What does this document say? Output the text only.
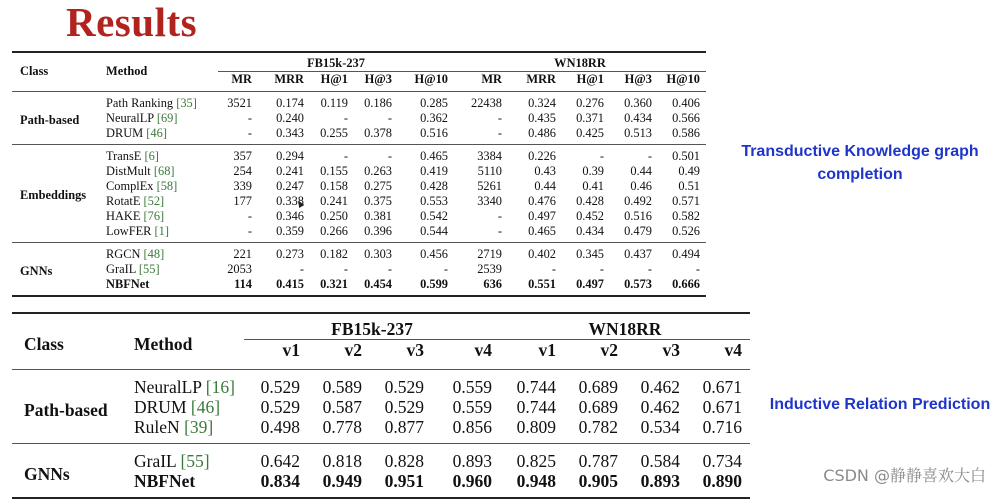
Results
Class	Method	FB15k-237					WN18RR				
		MR	MRR	H@1	H@3	H@10	MR	MRR	H@1	H@3	H@10
Path-based	Path Ranking [35]	3521	0.174	0.119	0.186	0.285	22438	0.324	0.276	0.360	0.406
	NeuralLP [69]	-	0.240	-	-	0.362	-	0.435	0.371	0.434	0.566
	DRUM [46]	-	0.343	0.255	0.378	0.516	-	0.486	0.425	0.513	0.586
Embeddings	TransE [6]	357	0.294	-	-	0.465	3384	0.226	-	-	0.501
	DistMult [68]	254	0.241	0.155	0.263	0.419	5110	0.43	0.39	0.44	0.49
	ComplEx [58]	339	0.247	0.158	0.275	0.428	5261	0.44	0.41	0.46	0.51
	RotatE [52]	177	0.338	0.241	0.375	0.553	3340	0.476	0.428	0.492	0.571
	HAKE [76]	-	0.346	0.250	0.381	0.542	-	0.497	0.452	0.516	0.582
	LowFER [1]	-	0.359	0.266	0.396	0.544	-	0.465	0.434	0.479	0.526
GNNs	RGCN [48]	221	0.273	0.182	0.303	0.456	2719	0.402	0.345	0.437	0.494
	GraIL [55]	2053	-	-	-	-	2539	-	-	-	-
	NBFNet	114	0.415	0.321	0.454	0.599	636	0.551	0.497	0.573	0.666
Transductive Knowledge graph completion
Class	Method	FB15k-237				WN18RR			
		v1	v2	v3	v4	v1	v2	v3	v4
Path-based	NeuralLP [16]	0.529	0.589	0.529	0.559	0.744	0.689	0.462	0.671
	DRUM [46]	0.529	0.587	0.529	0.559	0.744	0.689	0.462	0.671
	RuleN [39]	0.498	0.778	0.877	0.856	0.809	0.782	0.534	0.716
GNNs	GraIL [55]	0.642	0.818	0.828	0.893	0.825	0.787	0.584	0.734
	NBFNet	0.834	0.949	0.951	0.960	0.948	0.905	0.893	0.890
Inductive Relation Prediction
CSDN @静静喜欢大白
